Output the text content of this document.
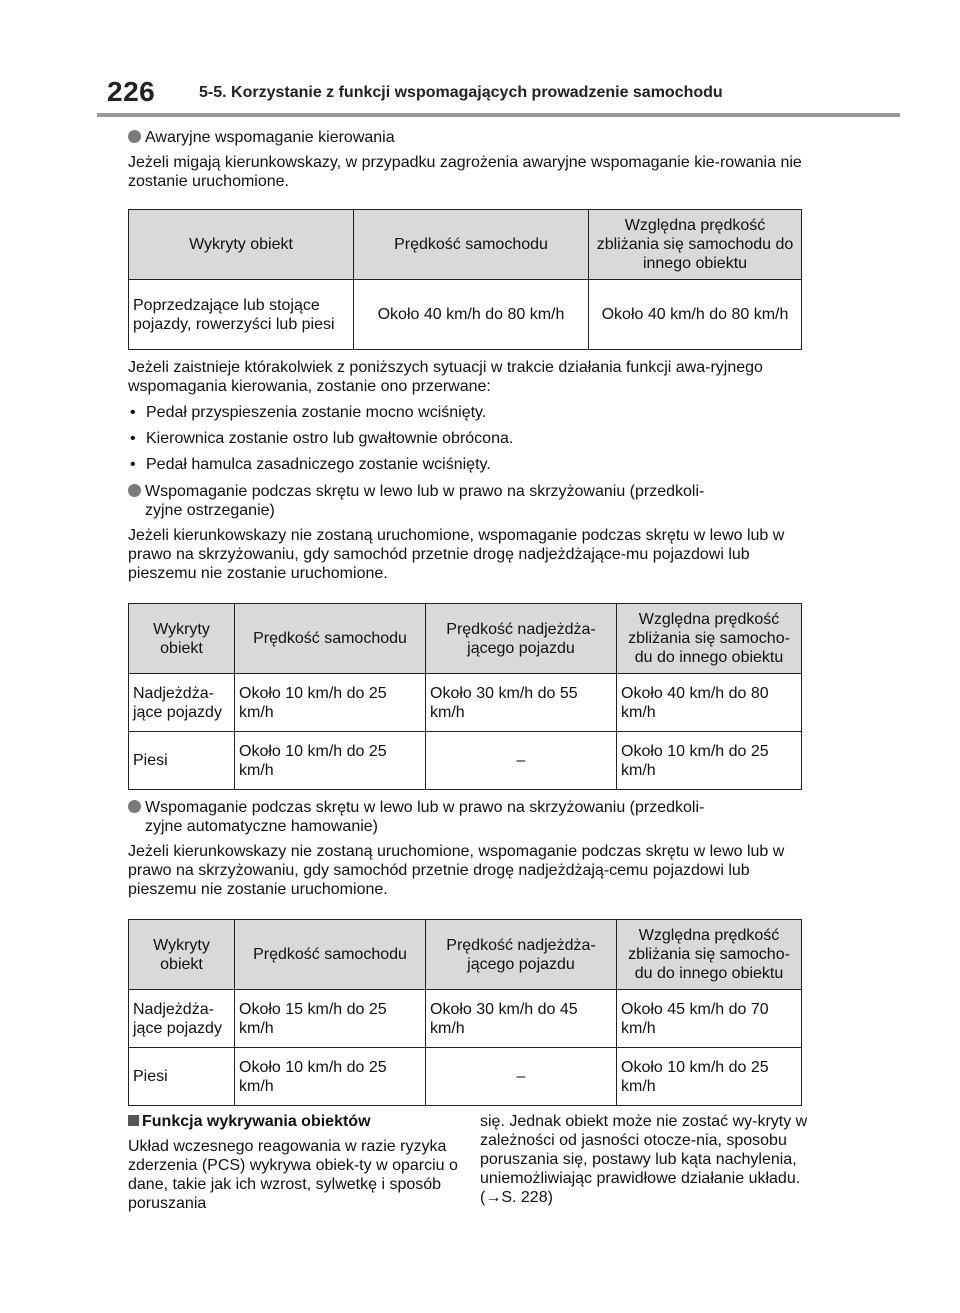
226	5-5. Korzystanie z funkcji wspomagających prowadzenie samochodu
Awaryjne wspomaganie kierowania

Jeżeli migają kierunkowskazy, w przypadku zagrożenia awaryjne wspomaganie kie-rowania nie zostanie uruchomione.

Wykryty obiekt	Prędkość samochodu	Względna prędkość zbliżania się samochodu do innego obiektu
Poprzedzające lub stojące pojazdy, rowerzyści lub piesi	Około 40 km/h do 80 km/h	Około 40 km/h do 80 km/h

Jeżeli zaistnieje którakolwiek z poniższych sytuacji w trakcie działania funkcji awa-ryjnego wspomagania kierowania, zostanie ono przerwane:

• Pedał przyspieszenia zostanie mocno wciśnięty.
• Kierownica zostanie ostro lub gwałtownie obrócona.
• Pedał hamulca zasadniczego zostanie wciśnięty.
Wspomaganie podczas skrętu w lewo lub w prawo na skrzyżowaniu (przedkoli-
zyjne ostrzeganie)

Jeżeli kierunkowskazy nie zostaną uruchomione, wspomaganie podczas skrętu w lewo lub w prawo na skrzyżowaniu, gdy samochód przetnie drogę nadjeżdżające-mu pojazdowi lub pieszemu nie zostanie uruchomione.

Wykryty obiekt	Prędkość samochodu	Prędkość nadjeżdża-jącego pojazdu	Względna prędkość zbliżania się samocho-du do innego obiektu
Nadjeżdża-jące pojazdy	Około 10 km/h do 25 km/h	Około 30 km/h do 55 km/h	Około 40 km/h do 80 km/h
Piesi	Około 10 km/h do 25 km/h	–	Około 10 km/h do 25 km/h
Wspomaganie podczas skrętu w lewo lub w prawo na skrzyżowaniu (przedkoli-
zyjne automatyczne hamowanie)

Jeżeli kierunkowskazy nie zostaną uruchomione, wspomaganie podczas skrętu w lewo lub w prawo na skrzyżowaniu, gdy samochód przetnie drogę nadjeżdżają-cemu pojazdowi lub pieszemu nie zostanie uruchomione.

Wykryty obiekt	Prędkość samochodu	Prędkość nadjeżdża-jącego pojazdu	Względna prędkość zbliżania się samocho-du do innego obiektu
Nadjeżdża-jące pojazdy	Około 15 km/h do 25 km/h	Około 30 km/h do 45 km/h	Około 45 km/h do 70 km/h
Piesi	Około 10 km/h do 25 km/h	–	Około 10 km/h do 25 km/h
Funkcja wykrywania obiektów

Układ wczesnego reagowania w razie ryzyka zderzenia (PCS) wykrywa obiek-ty w oparciu o dane, takie jak ich wzrost, sylwetkę i sposób poruszania

się. Jednak obiekt może nie zostać wy-kryty w zależności od jasności otocze-nia, sposobu poruszania się, postawy lub kąta nachylenia, uniemożliwiając prawidłowe działanie układu. (→S. 228)
